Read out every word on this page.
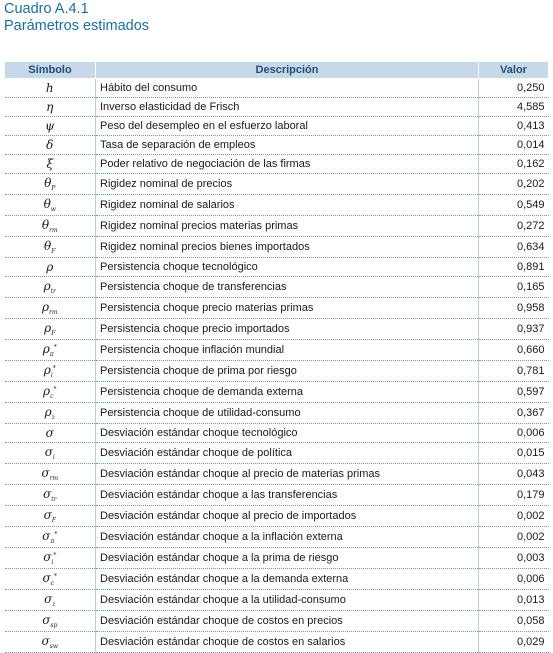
Cuadro A.4.1
Parámetros estimados
Símbolo	Descripción	Valor
h	Hábito del consumo	0,250
η	Inverso elasticidad de Frisch	4,585
ψ	Peso del desempleo en el esfuerzo laboral	0,413
δ	Tasa de separación de empleos	0,014
ξ	Poder relativo de negociación de las firmas	0,162
$\theta_P$	Rigidez nominal de precios	0,202
$\theta_w$	Rigidez nominal de salarios	0,549
$\theta_{rm}$	Rigidez nominal precios materias primas	0,272
$\theta_F$	Rigidez nominal precios bienes importados	0,634
ρ	Persistencia choque tecnológico	0,891
$\rho_{tr}$	Persistencia choque de transferencias	0,165
$\rho_{rm}$	Persistencia choque precio materias primas	0,958
$\rho_F$	Persistencia choque precio importados	0,937
$\rho_\pi^*$	Persistencia choque inflación mundial	0,660
$\rho_i^*$	Persistencia choque de prima por riesgo	0,781
$\rho_c^*$	Persistencia choque de demanda externa	0,597
$\rho_z$	Persistencia choque de utilidad-consumo	0,367
σ	Desviación estándar choque tecnológico	0,006
$\sigma_i$	Desviación estándar choque de política	0,015
$\sigma_{rm}$	Desviación estándar choque al precio de materias primas	0,043
$\sigma_{tr}$	Desviación estándar choque a las transferencias	0,179
$\sigma_F$	Desviación estándar choque al precio de importados	0,002
$\sigma_\pi^*$	Desviación estándar choque a la inflación externa	0,002
$\sigma_i^*$	Desviación estándar choque a la prima de riesgo	0,003
$\sigma_c^*$	Desviación estándar choque a la demanda externa	0,006
$\sigma_z$	Desviación estándar choque a la utilidad-consumo	0,013
$\sigma_{sp}$	Desviación estándar choque de costos en precios	0,058
$\sigma_{sw}$	Desviación estándar choque de costos en salarios	0,029
